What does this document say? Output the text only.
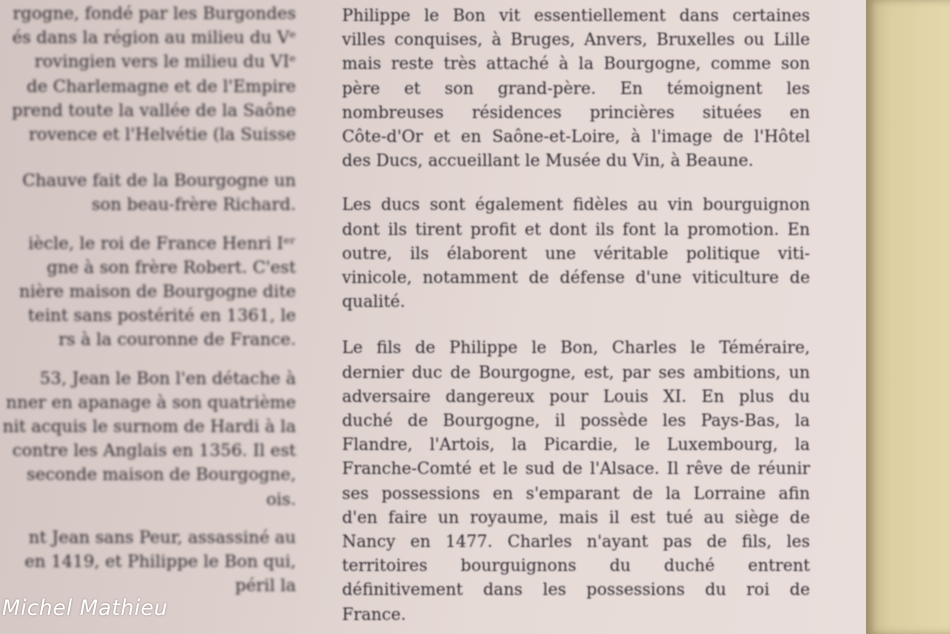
rgogne, fondé par les Burgondes
és dans la région au milieu du Vᵉ
rovingien vers le milieu du VIᵉ
de Charlemagne et de l'Empire
prend toute la vallée de la Saône
rovence et l'Helvétie (la Suisse

Chauve fait de la Bourgogne un
son beau-frère Richard.

iècle, le roi de France Henri Iᵉʳ
gne à son frère Robert. C'est
nière maison de Bourgogne dite
teint sans postérité en 1361, le
rs à la couronne de France.

53, Jean le Bon l'en détache à
nner en apanage à son quatrième
nit acquis le surnom de Hardi à la
contre les Anglais en 1356. Il est
seconde maison de Bourgogne,
ois.

nt Jean sans Peur, assassiné au
en 1419, et Philippe le Bon qui,
péril la

Philippe le Bon vit essentiellement dans certaines
villes conquises, à Bruges, Anvers, Bruxelles ou Lille
mais reste très attaché à la Bourgogne, comme son
père et son grand-père. En témoignent les
nombreuses résidences princières situées en
Côte-d'Or et en Saône-et-Loire, à l'image de l'Hôtel
des Ducs, accueillant le Musée du Vin, à Beaune.

Les ducs sont également fidèles au vin bourguignon
dont ils tirent profit et dont ils font la promotion. En
outre, ils élaborent une véritable politique viti-
vinicole, notamment de défense d'une viticulture de
qualité.

Le fils de Philippe le Bon, Charles le Téméraire,
dernier duc de Bourgogne, est, par ses ambitions, un
adversaire dangereux pour Louis XI. En plus du
duché de Bourgogne, il possède les Pays-Bas, la
Flandre, l'Artois, la Picardie, le Luxembourg, la
Franche-Comté et le sud de l'Alsace. Il rêve de réunir
ses possessions en s'emparant de la Lorraine afin
d'en faire un royaume, mais il est tué au siège de
Nancy en 1477. Charles n'ayant pas de fils, les
territoires bourguignons du duché entrent
définitivement dans les possessions du roi de
France.

Michel Mathieu
